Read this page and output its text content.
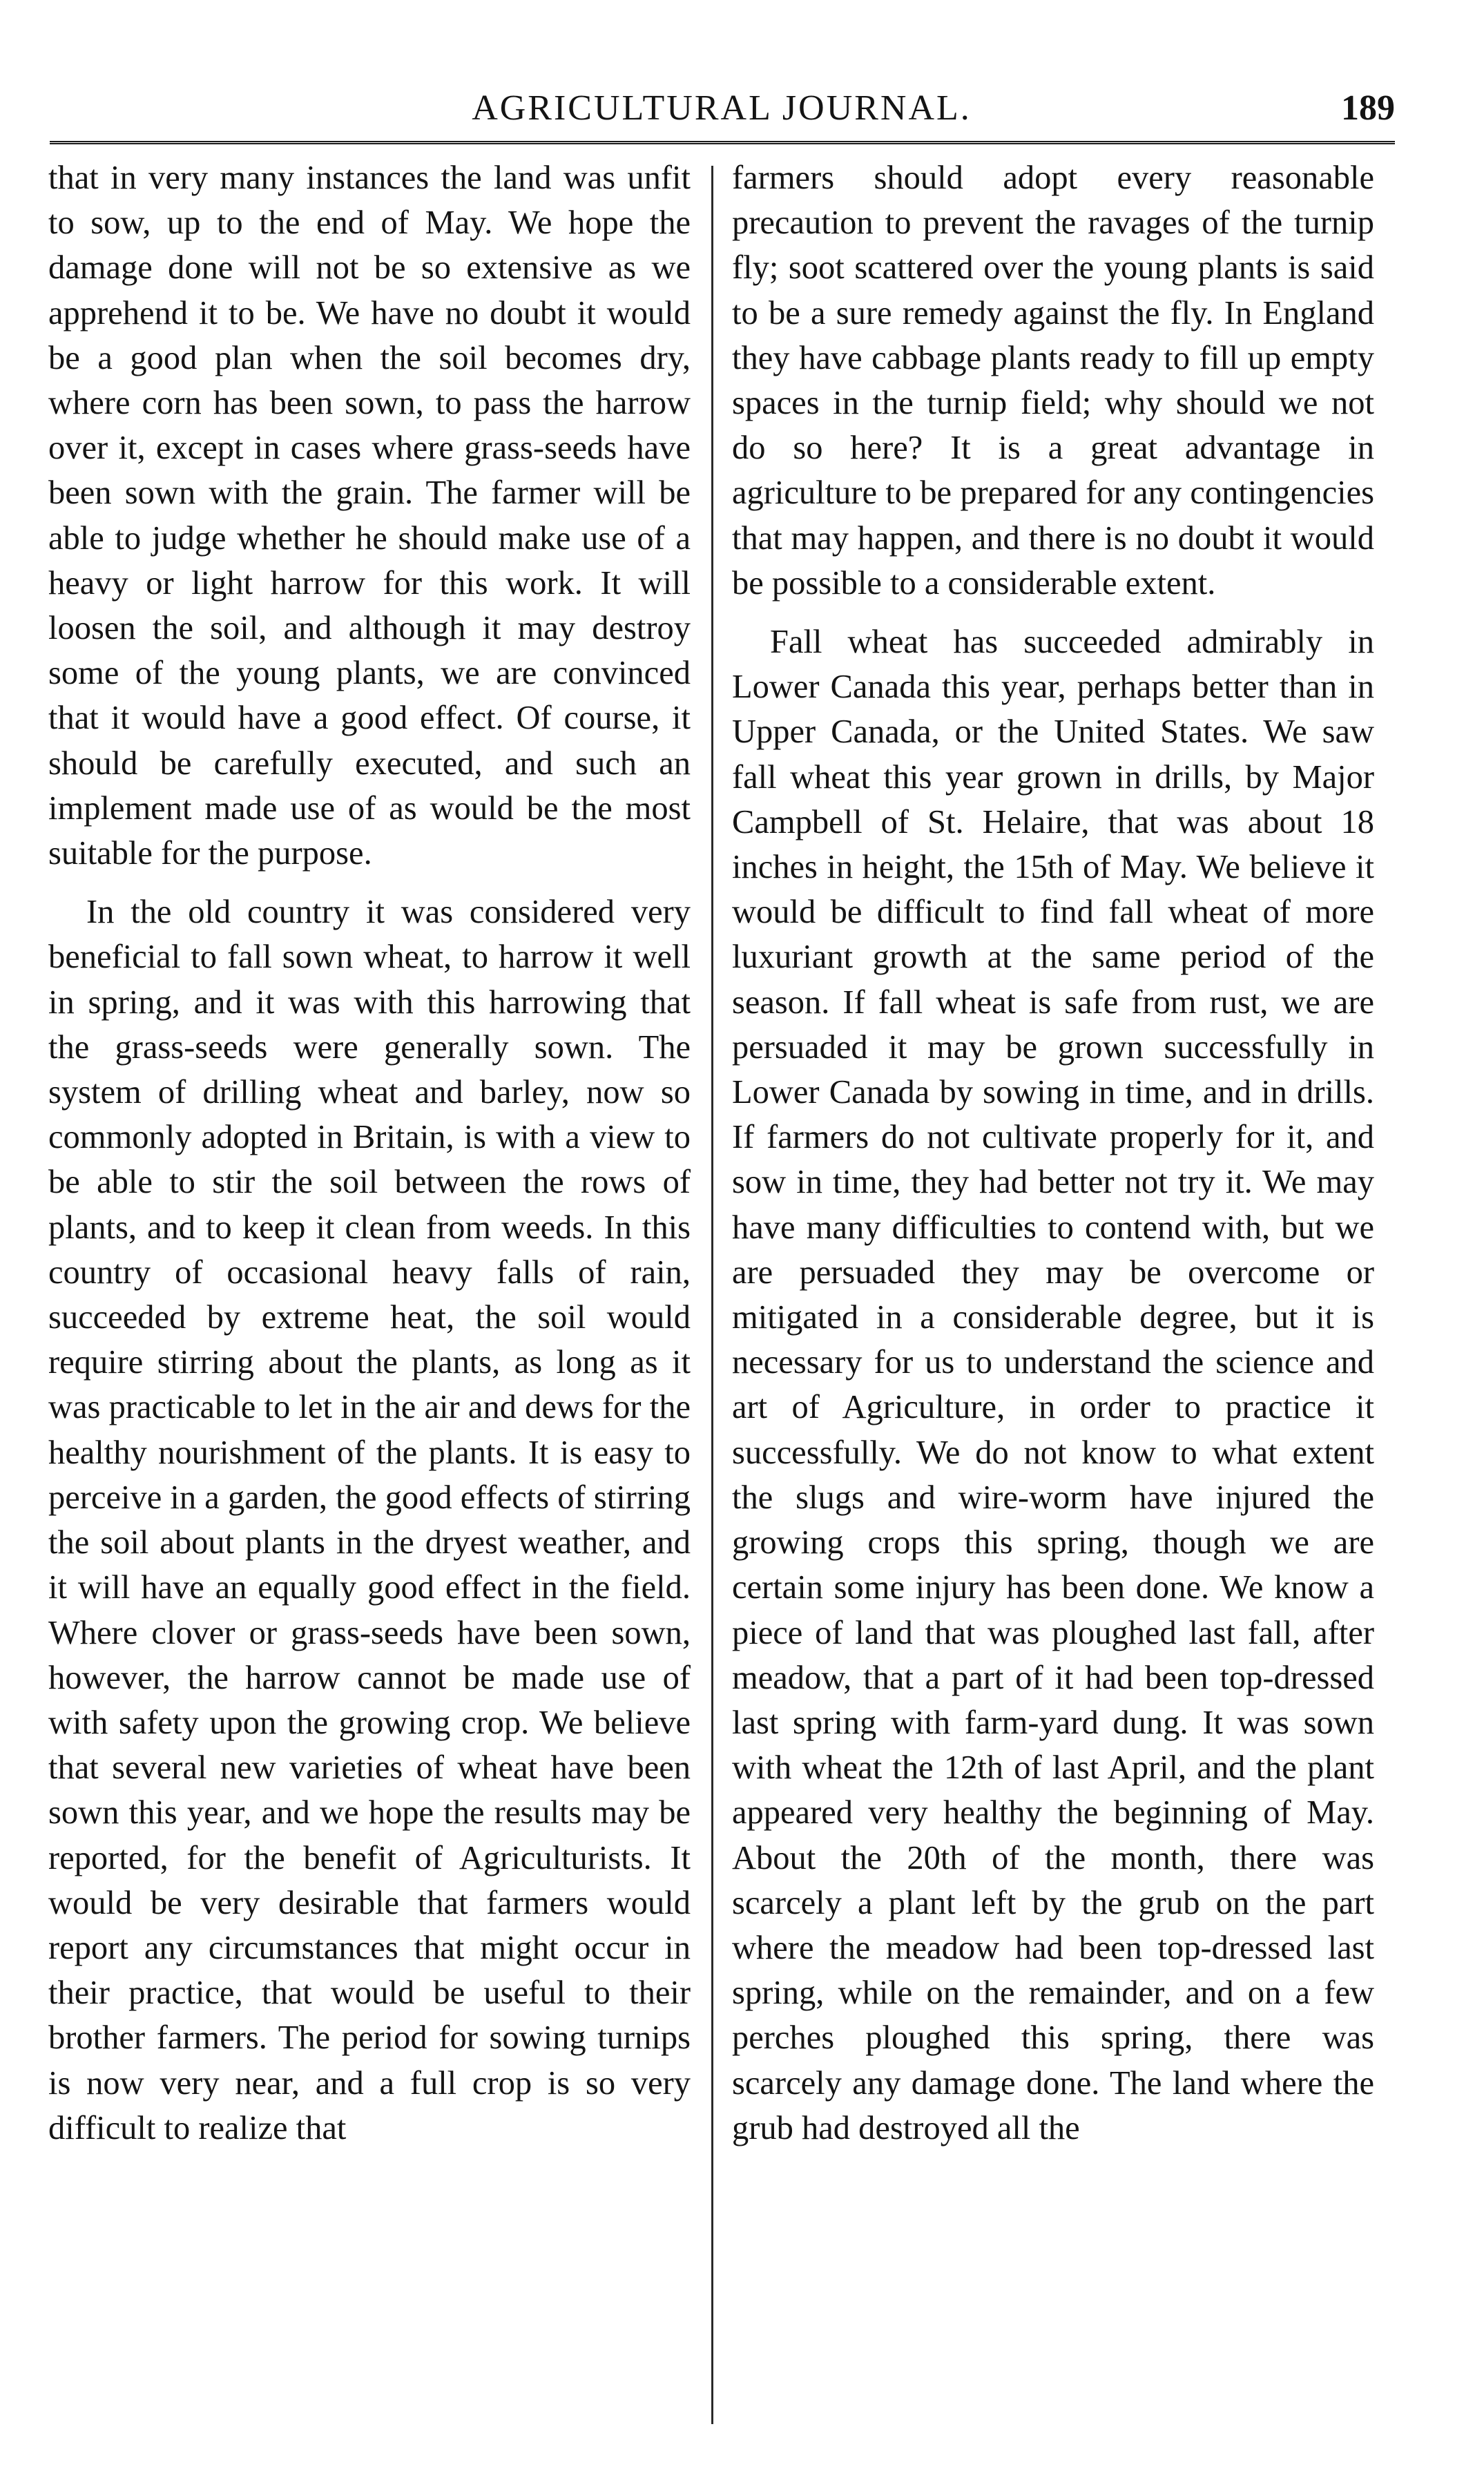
AGRICULTURAL JOURNAL.	189

that in very many instances the land was unfit to sow, up to the end of May. We hope the damage done will not be so extensive as we apprehend it to be. We have no doubt it would be a good plan when the soil becomes dry, where corn has been sown, to pass the harrow over it, except in cases where grass-seeds have been sown with the grain. The farmer will be able to judge whether he should make use of a heavy or light harrow for this work. It will loosen the soil, and although it may destroy some of the young plants, we are convinced that it would have a good effect. Of course, it should be carefully executed, and such an implement made use of as would be the most suitable for the purpose.

In the old country it was considered very beneficial to fall sown wheat, to harrow it well in spring, and it was with this harrowing that the grass-seeds were generally sown. The system of drilling wheat and barley, now so commonly adopted in Britain, is with a view to be able to stir the soil between the rows of plants, and to keep it clean from weeds. In this country of occasional heavy falls of rain, succeeded by extreme heat, the soil would require stirring about the plants, as long as it was practicable to let in the air and dews for the healthy nourishment of the plants. It is easy to perceive in a garden, the good effects of stirring the soil about plants in the dryest weather, and it will have an equally good effect in the field. Where clover or grass-seeds have been sown, however, the harrow cannot be made use of with safety upon the growing crop. We believe that several new varieties of wheat have been sown this year, and we hope the results may be reported, for the benefit of Agriculturists. It would be very desirable that farmers would report any circumstances that might occur in their practice, that would be useful to their brother farmers. The period for sowing turnips is now very near, and a full crop is so very difficult to realize that

farmers should adopt every reasonable precaution to prevent the ravages of the turnip fly; soot scattered over the young plants is said to be a sure remedy against the fly. In England they have cabbage plants ready to fill up empty spaces in the turnip field; why should we not do so here? It is a great advantage in agriculture to be prepared for any contingencies that may happen, and there is no doubt it would be possible to a considerable extent.

Fall wheat has succeeded admirably in Lower Canada this year, perhaps better than in Upper Canada, or the United States. We saw fall wheat this year grown in drills, by Major Campbell of St. Helaire, that was about 18 inches in height, the 15th of May. We believe it would be difficult to find fall wheat of more luxuriant growth at the same period of the season. If fall wheat is safe from rust, we are persuaded it may be grown successfully in Lower Canada by sowing in time, and in drills. If farmers do not cultivate properly for it, and sow in time, they had better not try it. We may have many difficulties to contend with, but we are persuaded they may be overcome or mitigated in a considerable degree, but it is necessary for us to understand the science and art of Agriculture, in order to practice it successfully. We do not know to what extent the slugs and wire-worm have injured the growing crops this spring, though we are certain some injury has been done. We know a piece of land that was ploughed last fall, after meadow, that a part of it had been top-dressed last spring with farm-yard dung. It was sown with wheat the 12th of last April, and the plant appeared very healthy the beginning of May. About the 20th of the month, there was scarcely a plant left by the grub on the part where the meadow had been top-dressed last spring, while on the remainder, and on a few perches ploughed this spring, there was scarcely any damage done. The land where the grub had destroyed all the
